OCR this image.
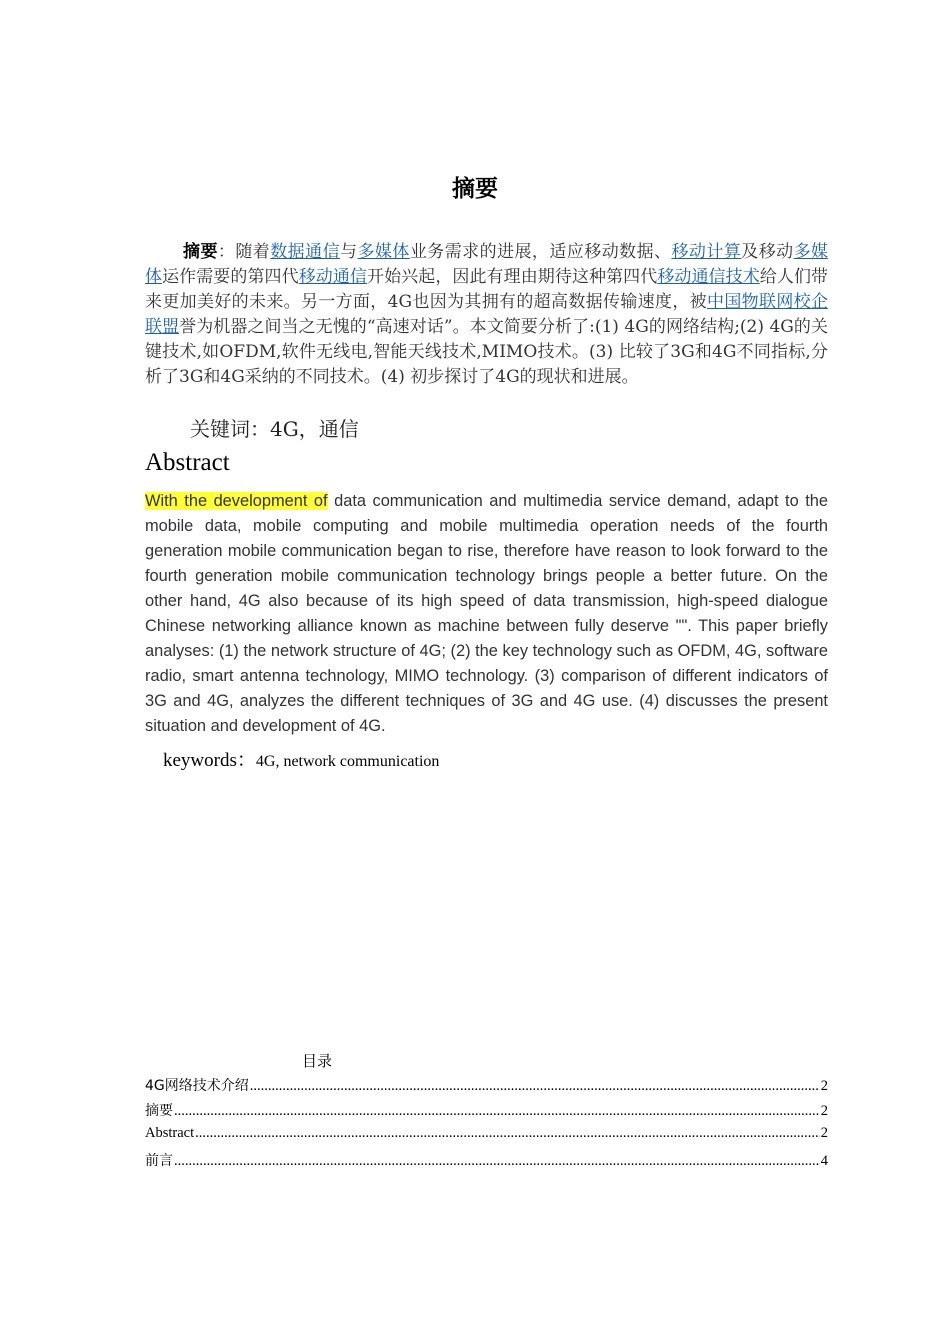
摘要
摘要：随着数据通信与多媒体业务需求的进展，适应移动数据、移动计算及移动多媒体运作需要的第四代移动通信开始兴起，因此有理由期待这种第四代移动通信技术给人们带来更加美好的未来。另一方面，4G也因为其拥有的超高数据传输速度，被中国物联网校企联盟誉为机器之间当之无愧的“高速对话”。本文简要分析了:(1) 4G的网络结构;(2) 4G的关键技术,如OFDM,软件无线电,智能天线技术,MIMO技术。(3) 比较了3G和4G不同指标,分析了3G和4G采纳的不同技术。(4) 初步探讨了4G的现状和进展。
关键词：4G，通信
Abstract
With the development of data communication and multimedia service demand, adapt to the mobile data, mobile computing and mobile multimedia operation needs of the fourth generation mobile communication began to rise, therefore have reason to look forward to the fourth generation mobile communication technology brings people a better future. On the other hand, 4G also because of its high speed of data transmission, high-speed dialogue Chinese networking alliance known as machine between fully deserve "". This paper briefly analyses: (1) the network structure of 4G; (2) the key technology such as OFDM, 4G, software radio, smart antenna technology, MIMO technology. (3) comparison of different indicators of 3G and 4G, analyzes the different techniques of 3G and 4G use. (4) discusses the present situation and development of 4G.
keywords：4G, network communication
目录
4G网络技术介绍 .....	2
摘要 .....	2
Abstract .....	2
前言 .....	4
